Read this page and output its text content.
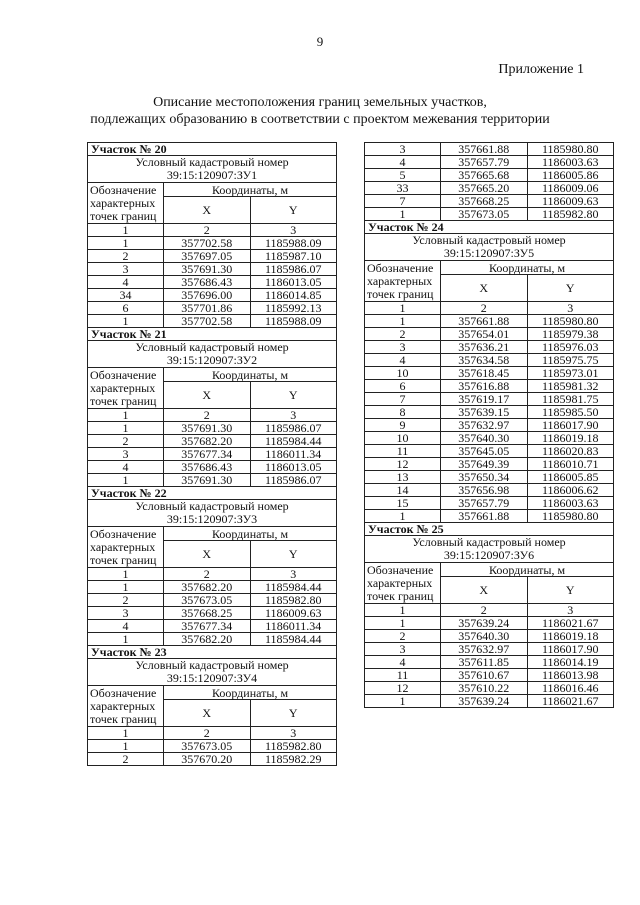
9
Приложение 1
Описание местоположения границ земельных участков,
подлежащих образованию в соответствии с проектом межевания территории
Участок № 20		

Условный кадастровый номер
39:15:120907:ЗУ1		

Обозначение
характерных
точек границ	Координаты, м	
	X	Y
1	2	3
1	357702.58	1185988.09
2	357697.05	1185987.10
3	357691.30	1185986.07
4	357686.43	1186013.05
34	357696.00	1186014.85
6	357701.86	1185992.13
1	357702.58	1185988.09
Участок № 21		

Условный кадастровый номер
39:15:120907:ЗУ2		

Обозначение
характерных
точек границ	Координаты, м	
	X	Y
1	2	3
1	357691.30	1185986.07
2	357682.20	1185984.44
3	357677.34	1186011.34
4	357686.43	1186013.05
1	357691.30	1185986.07
Участок № 22		

Условный кадастровый номер
39:15:120907:ЗУ3		

Обозначение
характерных
точек границ	Координаты, м	
	X	Y
1	2	3
1	357682.20	1185984.44
2	357673.05	1185982.80
3	357668.25	1186009.63
4	357677.34	1186011.34
1	357682.20	1185984.44
Участок № 23		

Условный кадастровый номер
39:15:120907:ЗУ4		

Обозначение
характерных
точек границ	Координаты, м	
	X	Y
1	2	3
1	357673.05	1185982.80
2	357670.20	1185982.29
3	357661.88	1185980.80
4	357657.79	1186003.63
5	357665.68	1186005.86
33	357665.20	1186009.06
7	357668.25	1186009.63
1	357673.05	1185982.80
Участок № 24		

Условный кадастровый номер
39:15:120907:ЗУ5		

Обозначение
характерных
точек границ	Координаты, м	
	X	Y
1	2	3
1	357661.88	1185980.80
2	357654.01	1185979.38
3	357636.21	1185976.03
4	357634.58	1185975.75
10	357618.45	1185973.01
6	357616.88	1185981.32
7	357619.17	1185981.75
8	357639.15	1185985.50
9	357632.97	1186017.90
10	357640.30	1186019.18
11	357645.05	1186020.83
12	357649.39	1186010.71
13	357650.34	1186005.85
14	357656.98	1186006.62
15	357657.79	1186003.63
1	357661.88	1185980.80
Участок № 25		

Условный кадастровый номер
39:15:120907:ЗУ6		

Обозначение
характерных
точек границ	Координаты, м	
	X	Y
1	2	3
1	357639.24	1186021.67
2	357640.30	1186019.18
3	357632.97	1186017.90
4	357611.85	1186014.19
11	357610.67	1186013.98
12	357610.22	1186016.46
1	357639.24	1186021.67
